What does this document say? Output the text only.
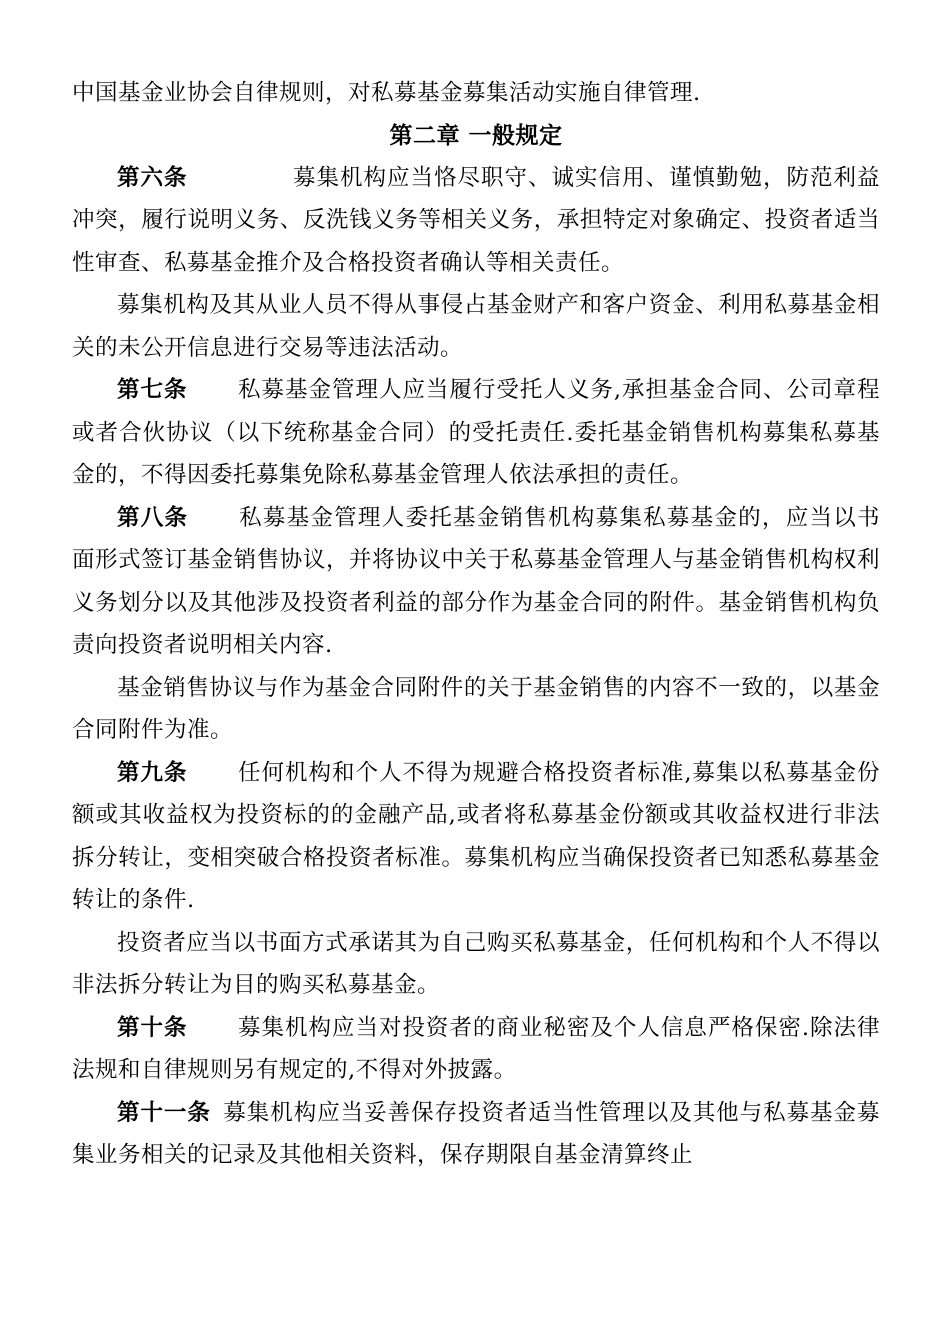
中国基金业协会自律规则，对私募基金募集活动实施自律管理.

第二章 一般规定

第六条	募集机构应当恪尽职守、诚实信用、谨慎勤勉，防范利益冲突，履行说明义务、反洗钱义务等相关义务，承担特定对象确定、投资者适当性审查、私募基金推介及合格投资者确认等相关责任。

募集机构及其从业人员不得从事侵占基金财产和客户资金、利用私募基金相关的未公开信息进行交易等违法活动。

第七条 私募基金管理人应当履行受托人义务,承担基金合同、公司章程或者合伙协议（以下统称基金合同）的受托责任.委托基金销售机构募集私募基金的，不得因委托募集免除私募基金管理人依法承担的责任。

第八条 私募基金管理人委托基金销售机构募集私募基金的，应当以书面形式签订基金销售协议，并将协议中关于私募基金管理人与基金销售机构权利义务划分以及其他涉及投资者利益的部分作为基金合同的附件。基金销售机构负责向投资者说明相关内容.

基金销售协议与作为基金合同附件的关于基金销售的内容不一致的，以基金合同附件为准。

第九条 任何机构和个人不得为规避合格投资者标准,募集以私募基金份额或其收益权为投资标的的金融产品,或者将私募基金份额或其收益权进行非法拆分转让，变相突破合格投资者标准。募集机构应当确保投资者已知悉私募基金转让的条件.

投资者应当以书面方式承诺其为自己购买私募基金，任何机构和个人不得以非法拆分转让为目的购买私募基金。

第十条 募集机构应当对投资者的商业秘密及个人信息严格保密.除法律法规和自律规则另有规定的,不得对外披露。

第十一条 募集机构应当妥善保存投资者适当性管理以及其他与私募基金募集业务相关的记录及其他相关资料，保存期限自基金清算终止
